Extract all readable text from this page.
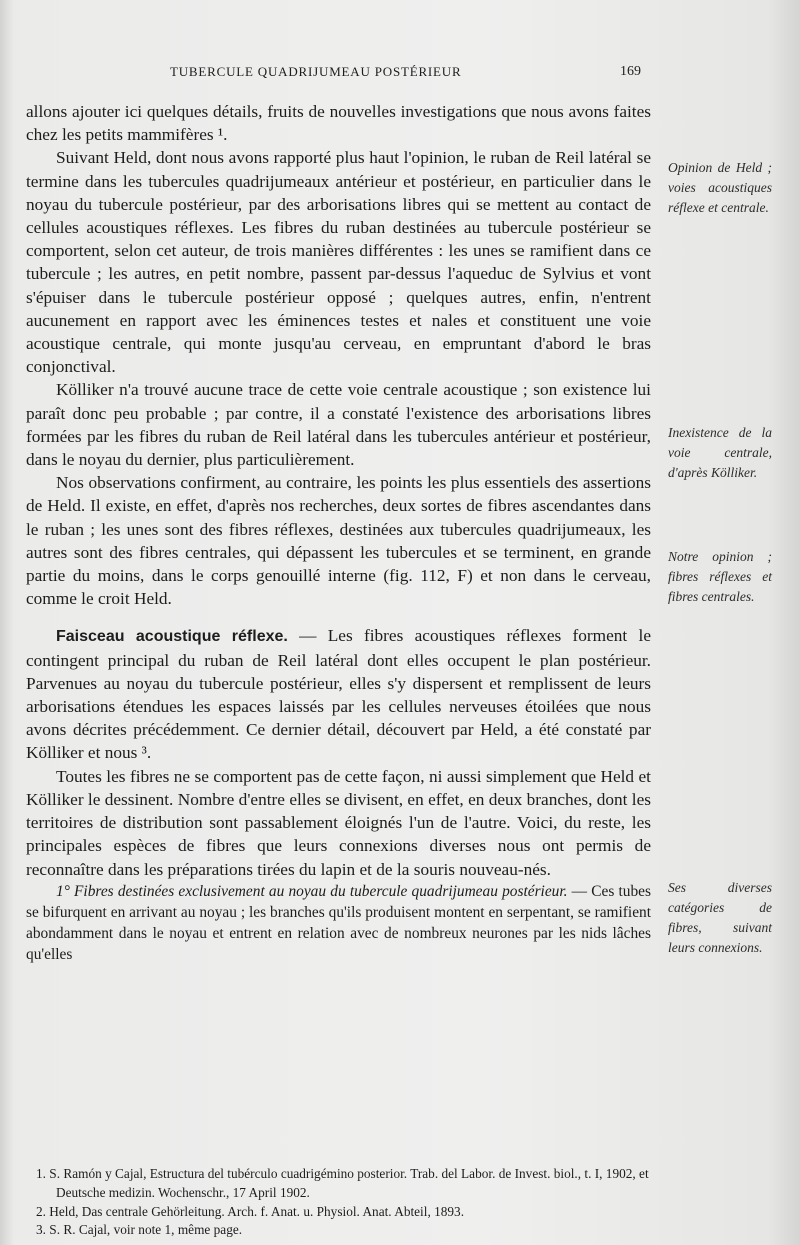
TUBERCULE QUADRIJUMEAU POSTÉRIEUR	169

allons ajouter ici quelques détails, fruits de nouvelles investigations que nous avons faites chez les petits mammifères ¹.

Suivant Held, dont nous avons rapporté plus haut l'opinion, le ruban de Reil latéral se termine dans les tubercules quadrijumeaux antérieur et postérieur, en particulier dans le noyau du tubercule postérieur, par des arborisations libres qui se mettent au contact de cellules acoustiques réflexes. Les fibres du ruban destinées au tubercule postérieur se comportent, selon cet auteur, de trois manières différentes : les unes se ramifient dans ce tubercule ; les autres, en petit nombre, passent par-dessus l'aqueduc de Sylvius et vont s'épuiser dans le tubercule postérieur opposé ; quelques autres, enfin, n'entrent aucunement en rapport avec les éminences testes et nales et constituent une voie acoustique centrale, qui monte jusqu'au cerveau, en empruntant d'abord le bras conjonctival.

Kölliker n'a trouvé aucune trace de cette voie centrale acoustique ; son existence lui paraît donc peu probable ; par contre, il a constaté l'existence des arborisations libres formées par les fibres du ruban de Reil latéral dans les tubercules antérieur et postérieur, dans le noyau du dernier, plus particulièrement.

Nos observations confirment, au contraire, les points les plus essentiels des assertions de Held. Il existe, en effet, d'après nos recherches, deux sortes de fibres ascendantes dans le ruban ; les unes sont des fibres réflexes, destinées aux tubercules quadrijumeaux, les autres sont des fibres centrales, qui dépassent les tubercules et se terminent, en grande partie du moins, dans le corps genouillé interne (fig. 112, F) et non dans le cerveau, comme le croit Held.

Faisceau acoustique réflexe. — Les fibres acoustiques réflexes forment le contingent principal du ruban de Reil latéral dont elles occupent le plan postérieur. Parvenues au noyau du tubercule postérieur, elles s'y dispersent et remplissent de leurs arborisations étendues les espaces laissés par les cellules nerveuses étoilées que nous avons décrites précédemment. Ce dernier détail, découvert par Held, a été constaté par Kölliker et nous ³.

Toutes les fibres ne se comportent pas de cette façon, ni aussi simplement que Held et Kölliker le dessinent. Nombre d'entre elles se divisent, en effet, en deux branches, dont les territoires de distribution sont passablement éloignés l'un de l'autre. Voici, du reste, les principales espèces de fibres que leurs connexions diverses nous ont permis de reconnaître dans les préparations tirées du lapin et de la souris nouveau-nés.

1° Fibres destinées exclusivement au noyau du tubercule quadrijumeau postérieur. — Ces tubes se bifurquent en arrivant au noyau ; les branches qu'ils produisent montent en serpentant, se ramifient abondamment dans le noyau et entrent en relation avec de nombreux neurones par les nids lâches qu'elles

Opinion de Held ; voies acoustiques réflexe et centrale.
Inexistence de la voie centrale, d'après Kölliker.
Notre opinion ; fibres réflexes et fibres centrales.
Ses diverses catégories de fibres, suivant leurs connexions.

1. S. Ramón y Cajal, Estructura del tubérculo cuadrigémino posterior. Trab. del Labor. de Invest. biol., t. I, 1902, et Deutsche medizin. Wochenschr., 17 April 1902.

2. Held, Das centrale Gehörleitung. Arch. f. Anat. u. Physiol. Anat. Abteil, 1893.

3. S. R. Cajal, voir note 1, même page.
